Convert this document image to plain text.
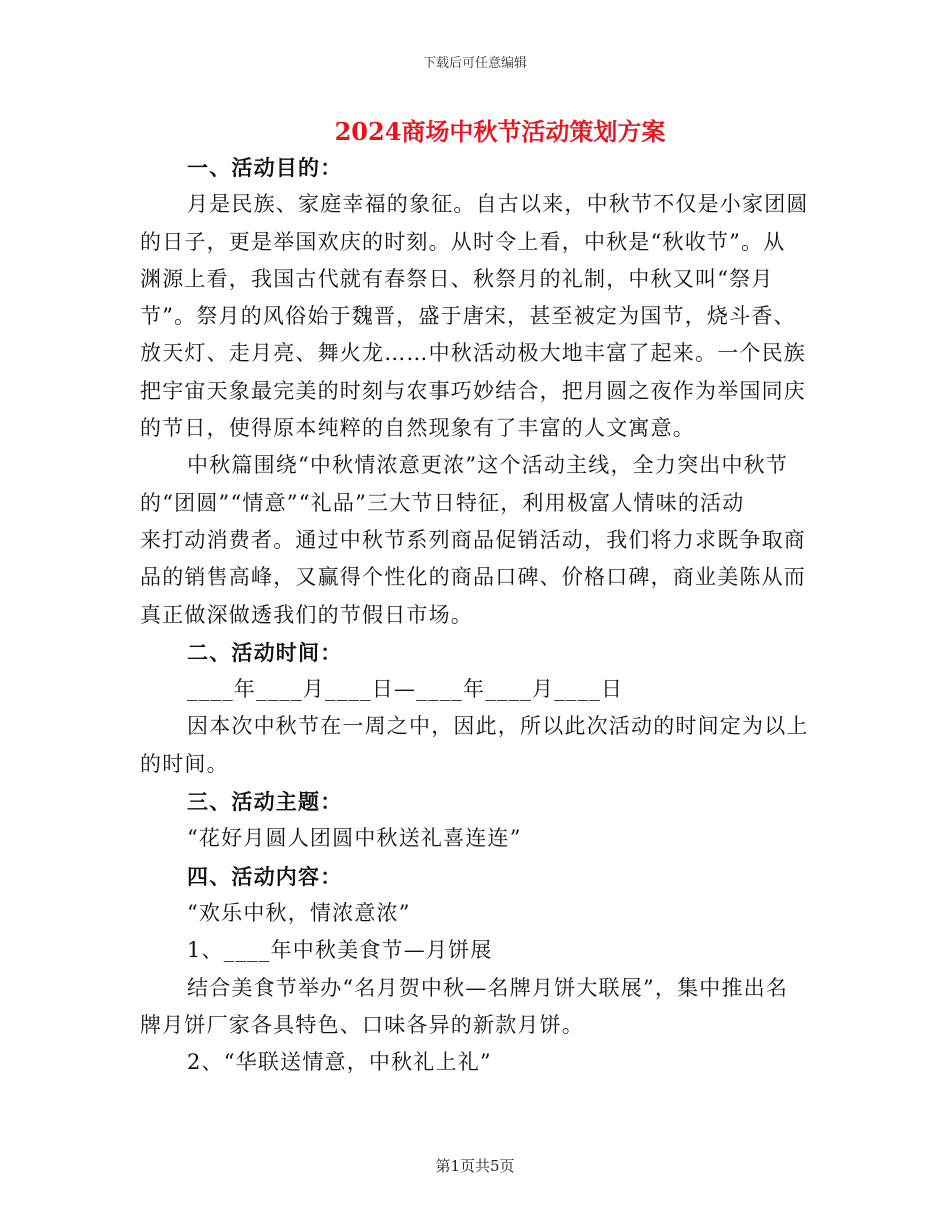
下载后可任意编辑
2024商场中秋节活动策划方案
一、活动目的：
月是民族、家庭幸福的象征。自古以来，中秋节不仅是小家团圆
的日子，更是举国欢庆的时刻。从时令上看，中秋是“秋收节”。从
渊源上看，我国古代就有春祭日、秋祭月的礼制，中秋又叫“祭月
节”。祭月的风俗始于魏晋，盛于唐宋，甚至被定为国节，烧斗香、
放天灯、走月亮、舞火龙……中秋活动极大地丰富了起来。一个民族
把宇宙天象最完美的时刻与农事巧妙结合，把月圆之夜作为举国同庆
的节日，使得原本纯粹的自然现象有了丰富的人文寓意。
中秋篇围绕“中秋情浓意更浓”这个活动主线，全力突出中秋节
的“团圆”“情意”“礼品”三大节日特征，利用极富人情味的活动
来打动消费者。通过中秋节系列商品促销活动，我们将力求既争取商
品的销售高峰，又赢得个性化的商品口碑、价格口碑，商业美陈从而
真正做深做透我们的节假日市场。
二、活动时间：
____年____月____日—____年____月____日
因本次中秋节在一周之中，因此，所以此次活动的时间定为以上
的时间。
三、活动主题：
“花好月圆人团圆中秋送礼喜连连”
四、活动内容：
“欢乐中秋，情浓意浓”
1、____年中秋美食节—月饼展
结合美食节举办“名月贺中秋—名牌月饼大联展”，集中推出名
牌月饼厂家各具特色、口味各异的新款月饼。
2、“华联送情意，中秋礼上礼”
第1页共5页
